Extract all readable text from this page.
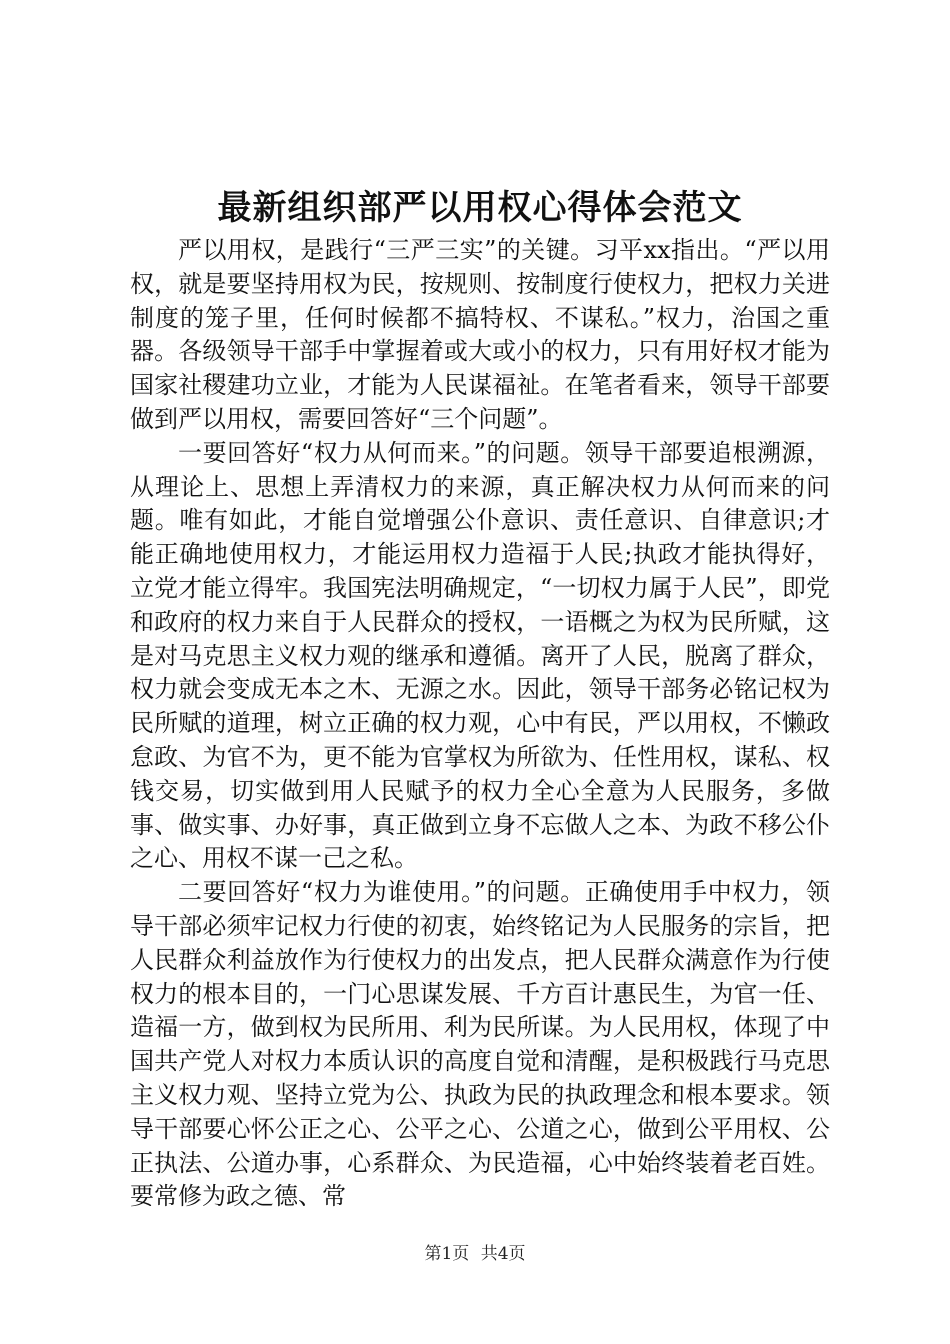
最新组织部严以用权心得体会范文

严以用权，是践行“三严三实”的关键。习平xx指出。“严以用权，就是要坚持用权为民，按规则、按制度行使权力，把权力关进制度的笼子里，任何时候都不搞特权、不谋私。”权力，治国之重器。各级领导干部手中掌握着或大或小的权力，只有用好权才能为国家社稷建功立业，才能为人民谋福祉。在笔者看来，领导干部要做到严以用权，需要回答好“三个问题”。

一要回答好“权力从何而来。”的问题。领导干部要追根溯源，从理论上、思想上弄清权力的来源，真正解决权力从何而来的问题。唯有如此，才能自觉增强公仆意识、责任意识、自律意识;才能正确地使用权力，才能运用权力造福于人民;执政才能执得好，立党才能立得牢。我国宪法明确规定，“一切权力属于人民”，即党和政府的权力来自于人民群众的授权，一语概之为权为民所赋，这是对马克思主义权力观的继承和遵循。离开了人民，脱离了群众，权力就会变成无本之木、无源之水。因此，领导干部务必铭记权为民所赋的道理，树立正确的权力观，心中有民，严以用权，不懒政怠政、为官不为，更不能为官掌权为所欲为、任性用权，谋私、权钱交易，切实做到用人民赋予的权力全心全意为人民服务，多做事、做实事、办好事，真正做到立身不忘做人之本、为政不移公仆之心、用权不谋一己之私。

二要回答好“权力为谁使用。”的问题。正确使用手中权力，领导干部必须牢记权力行使的初衷，始终铭记为人民服务的宗旨，把人民群众利益放作为行使权力的出发点，把人民群众满意作为行使权力的根本目的，一门心思谋发展、千方百计惠民生，为官一任、造福一方，做到权为民所用、利为民所谋。为人民用权，体现了中国共产党人对权力本质认识的高度自觉和清醒，是积极践行马克思主义权力观、坚持立党为公、执政为民的执政理念和根本要求。领导干部要心怀公正之心、公平之心、公道之心，做到公平用权、公正执法、公道办事，心系群众、为民造福，心中始终装着老百姓。要常修为政之德、常

第1页 共4页
